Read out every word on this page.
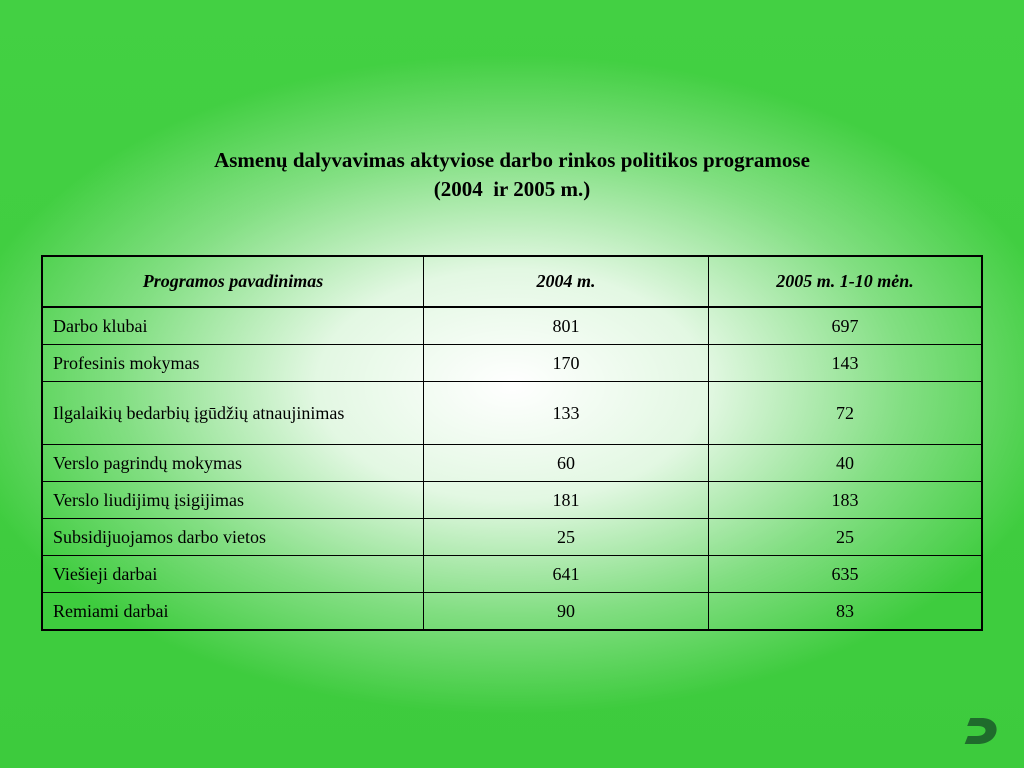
Asmenų dalyvavimas aktyviose darbo rinkos politikos programose
(2004  ir 2005 m.)
Programos pavadinimas	2004 m.	2005 m. 1-10 mėn.
Darbo klubai	801	697
Profesinis mokymas	170	143
Ilgalaikių bedarbių įgūdžių atnaujinimas	133	72
Verslo pagrindų mokymas	60	40
Verslo liudijimų įsigijimas	181	183
Subsidijuojamos darbo vietos	25	25
Viešieji darbai	641	635
Remiami darbai	90	83
